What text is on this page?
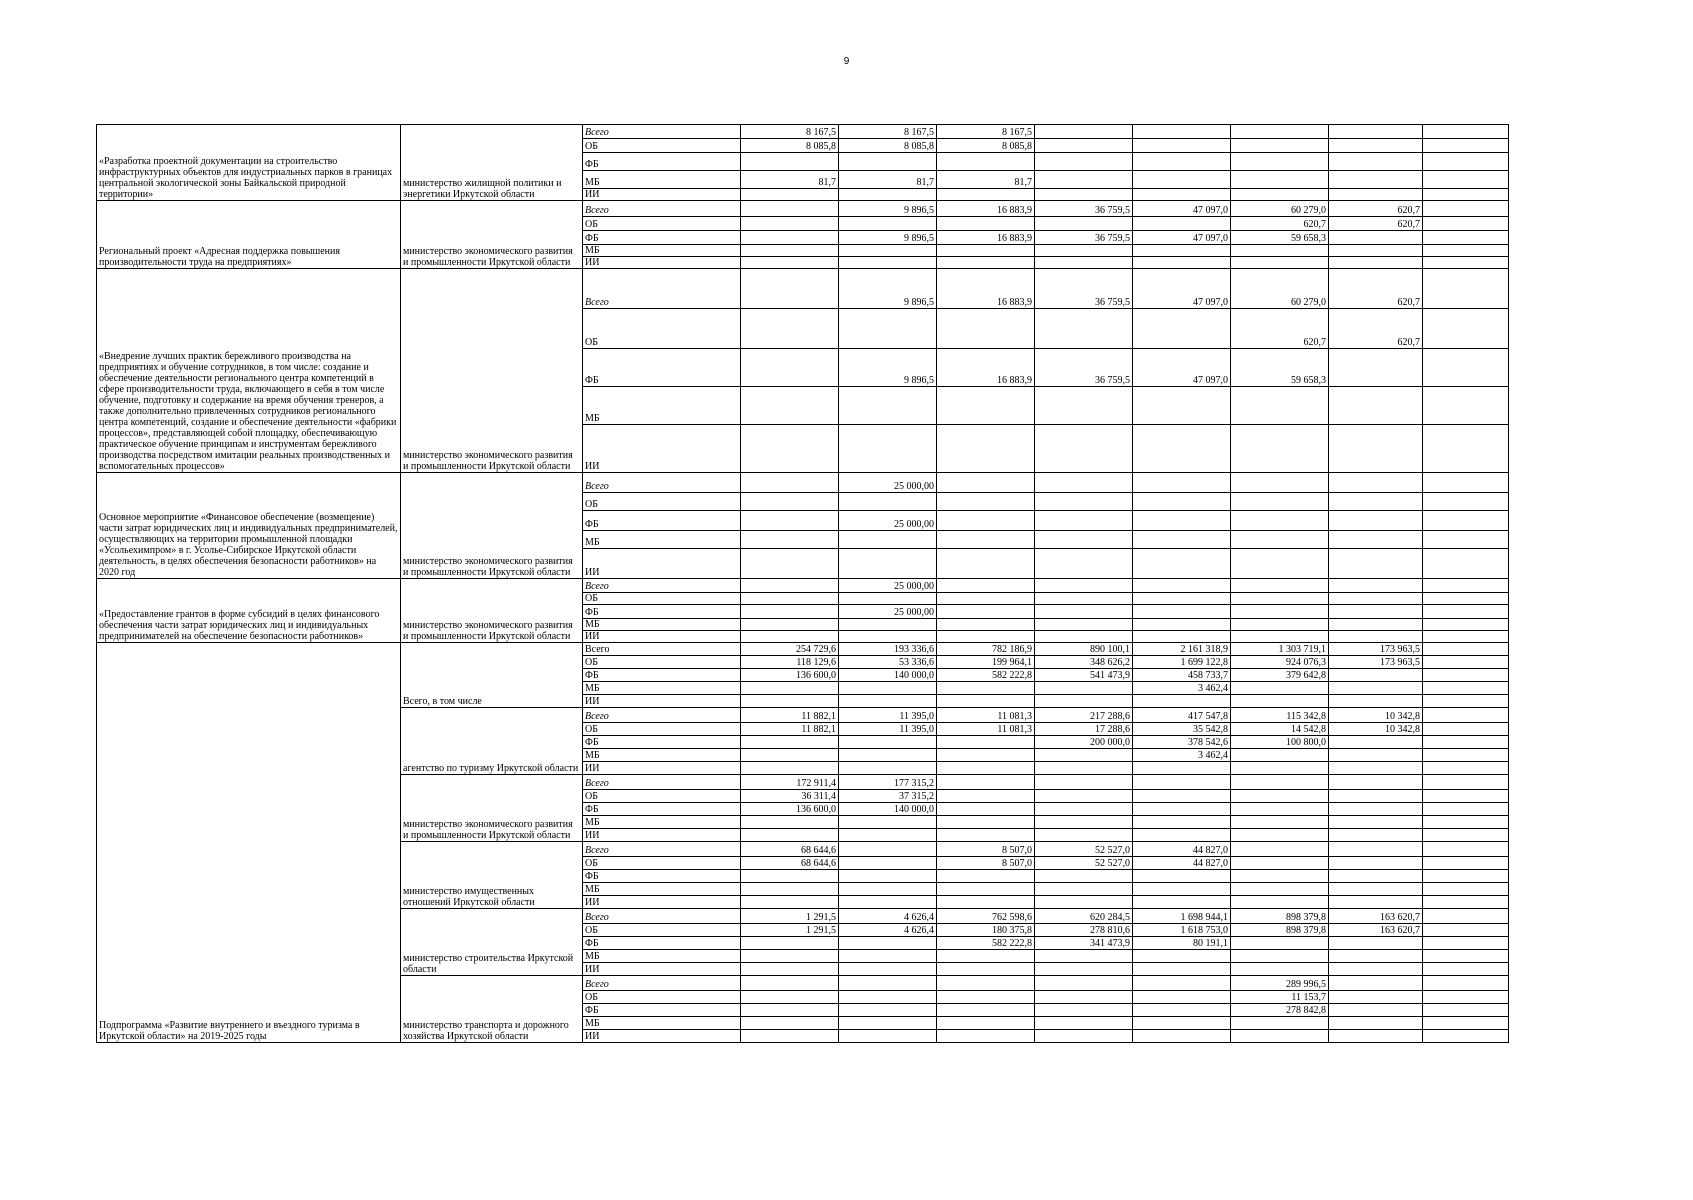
9
«Разработка проектной документации на строительство инфраструктурных объектов для индустриальных парков в границах центральной экологической зоны Байкальской природной территории»	министерство жилищной политики и энергетики Иркутской области	Всего	8 167,5	8 167,5	8 167,5					
		ОБ	8 085,8	8 085,8	8 085,8					
		ФБ								
		МБ	81,7	81,7	81,7					
		ИИ								
Региональный проект «Адресная поддержка повышения производительности труда на предприятиях»	министерство экономического развития и промышленности Иркутской области	Всего		9 896,5	16 883,9	36 759,5	47 097,0	60 279,0	620,7	
		ОБ						620,7	620,7	
		ФБ		9 896,5	16 883,9	36 759,5	47 097,0	59 658,3		
		МБ								
		ИИ								
«Внедрение лучших практик бережливого производства на предприятиях и обучение сотрудников, в том числе: создание и обеспечение деятельности регионального центра компетенций в сфере производительности труда, включающего в себя в том числе обучение, подготовку и содержание на время обучения тренеров, а также дополнительно привлеченных сотрудников регионального центра компетенций, создание и обеспечение деятельности «фабрики процессов», представляющей собой площадку, обеспечивающую практическое обучение принципам и инструментам бережливого производства посредством имитации реальных производственных и вспомогательных процессов»	министерство экономического развития и промышленности Иркутской области	Всего		9 896,5	16 883,9	36 759,5	47 097,0	60 279,0	620,7	
		ОБ						620,7	620,7	
		ФБ		9 896,5	16 883,9	36 759,5	47 097,0	59 658,3		
		МБ								
		ИИ								
Основное мероприятие «Финансовое обеспечение (возмещение) части затрат юридических лиц и индивидуальных предпринимателей, осуществляющих на территории промышленной площадки «Усольехимпром» в г. Усолье-Сибирское Иркутской области деятельность, в целях обеспечения безопасности работников» на 2020 год	министерство экономического развития и промышленности Иркутской области	Всего		25 000,00						
		ОБ								
		ФБ		25 000,00						
		МБ								
		ИИ								
«Предоставление грантов в форме субсидий в целях финансового обеспечения части затрат юридических лиц и индивидуальных предпринимателей на обеспечение безопасности работников»	министерство экономического развития и промышленности Иркутской области	Всего		25 000,00						
		ОБ								
		ФБ		25 000,00						
		МБ								
		ИИ								
Подпрограмма «Развитие внутреннего и въездного туризма в Иркутской области» на 2019-2025 годы	Всего, в том числе	Всего	254 729,6	193 336,6	782 186,9	890 100,1	2 161 318,9	1 303 719,1	173 963,5	
		ОБ	118 129,6	53 336,6	199 964,1	348 626,2	1 699 122,8	924 076,3	173 963,5	
		ФБ	136 600,0	140 000,0	582 222,8	541 473,9	458 733,7	379 642,8		
		МБ					3 462,4			
		ИИ								
	агентство по туризму Иркутской области	Всего	11 882,1	11 395,0	11 081,3	217 288,6	417 547,8	115 342,8	10 342,8	
		ОБ	11 882,1	11 395,0	11 081,3	17 288,6	35 542,8	14 542,8	10 342,8	
		ФБ				200 000,0	378 542,6	100 800,0		
		МБ					3 462,4			
		ИИ								
	министерство экономического развития и промышленности Иркутской области	Всего	172 911,4	177 315,2						
		ОБ	36 311,4	37 315,2						
		ФБ	136 600,0	140 000,0						
		МБ								
		ИИ								
	министерство имущественных отношений Иркутской области	Всего	68 644,6		8 507,0	52 527,0	44 827,0			
		ОБ	68 644,6		8 507,0	52 527,0	44 827,0			
		ФБ								
		МБ								
		ИИ								
	министерство строительства Иркутской области	Всего	1 291,5	4 626,4	762 598,6	620 284,5	1 698 944,1	898 379,8	163 620,7	
		ОБ	1 291,5	4 626,4	180 375,8	278 810,6	1 618 753,0	898 379,8	163 620,7	
		ФБ			582 222,8	341 473,9	80 191,1			
		МБ								
		ИИ								
	министерство транспорта и дорожного хозяйства Иркутской области	Всего						289 996,5		
		ОБ						11 153,7		
		ФБ						278 842,8		
		МБ								
		ИИ								
